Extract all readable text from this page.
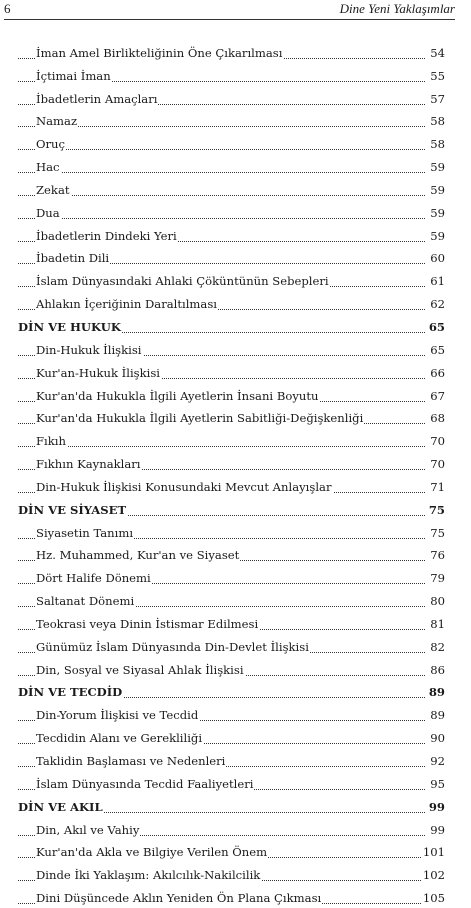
6	Dine Yeni Yaklaşımlar
İman Amel Birlikteliğinin Öne Çıkarılması	54
İçtimai İman	55
İbadetlerin Amaçları	57
Namaz	58
Oruç	58
Hac	59
Zekat	59
Dua	59
İbadetlerin Dindeki Yeri	59
İbadetin Dili	60
İslam Dünyasındaki Ahlaki Çöküntünün Sebepleri	61
Ahlakın İçeriğinin Daraltılması	62
DİN VE HUKUK	65
Din-Hukuk İlişkisi	65
Kur'an-Hukuk İlişkisi	66
Kur'an'da Hukukla İlgili Ayetlerin İnsani Boyutu	67
Kur'an'da Hukukla İlgili Ayetlerin Sabitliği-Değişkenliği	68
Fıkıh	70
Fıkhın Kaynakları	70
Din-Hukuk İlişkisi Konusundaki Mevcut Anlayışlar	71
DİN VE SİYASET	75
Siyasetin Tanımı	75
Hz. Muhammed, Kur'an ve Siyaset	76
Dört Halife Dönemi	79
Saltanat Dönemi	80
Teokrasi veya Dinin İstismar Edilmesi	81
Günümüz İslam Dünyasında Din-Devlet İlişkisi	82
Din, Sosyal ve Siyasal Ahlak İlişkisi	86
DİN VE TECDİD	89
Din-Yorum İlişkisi ve Tecdid	89
Tecdidin Alanı ve Gerekliliği	90
Taklidin Başlaması ve Nedenleri	92
İslam Dünyasında Tecdid Faaliyetleri	95
DİN VE AKIL	99
Din, Akıl ve Vahiy	99
Kur'an'da Akla ve Bilgiye Verilen Önem	101
Dinde İki Yaklaşım: Akılcılık-Nakilcilik	102
Dini Düşüncede Aklın Yeniden Ön Plana Çıkması	105
